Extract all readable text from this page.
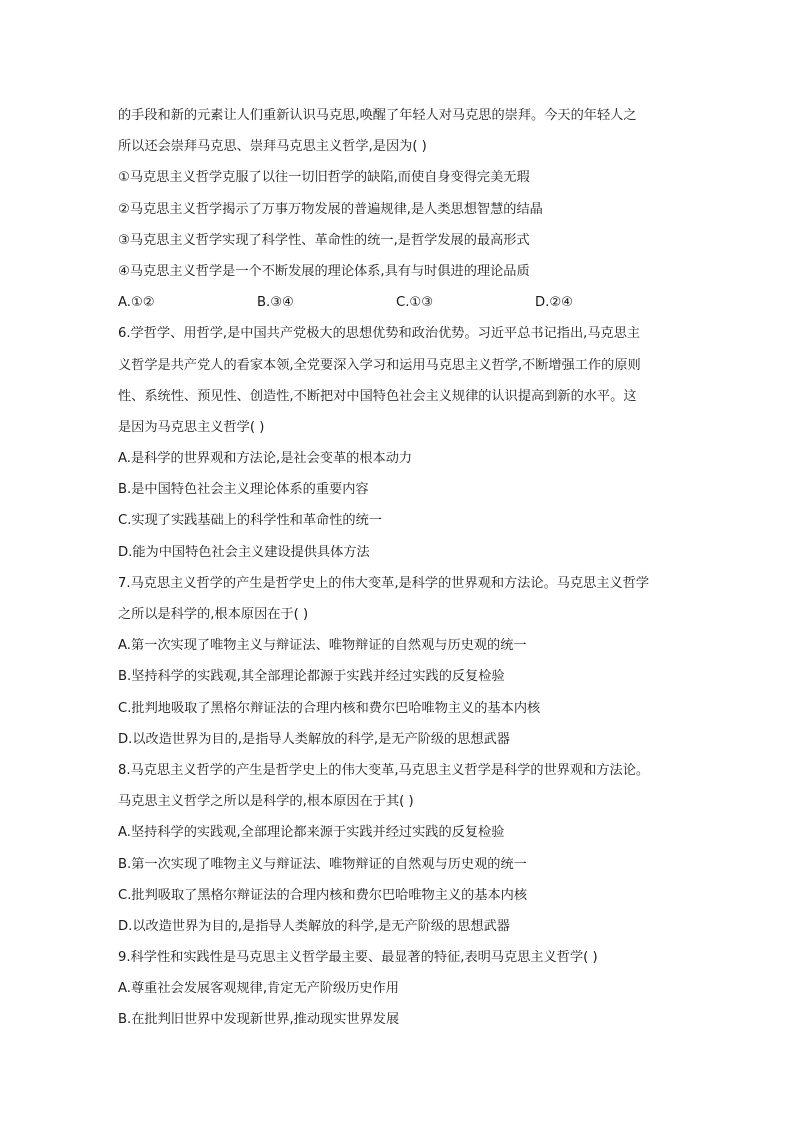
的手段和新的元素让人们重新认识马克思,唤醒了年轻人对马克思的崇拜。今天的年轻人之
所以还会崇拜马克思、崇拜马克思主义哲学,是因为( )
①马克思主义哲学克服了以往一切旧哲学的缺陷,而使自身变得完美无瑕
②马克思主义哲学揭示了万事万物发展的普遍规律,是人类思想智慧的结晶
③马克思主义哲学实现了科学性、革命性的统一,是哲学发展的最高形式
④马克思主义哲学是一个不断发展的理论体系,具有与时俱进的理论品质
A.①②	B.③④	C.①③	D.②④
6.学哲学、用哲学,是中国共产党极大的思想优势和政治优势。习近平总书记指出,马克思主
义哲学是共产党人的看家本领,全党要深入学习和运用马克思主义哲学,不断增强工作的原则
性、系统性、预见性、创造性,不断把对中国特色社会主义规律的认识提高到新的水平。这
是因为马克思主义哲学( )
A.是科学的世界观和方法论,是社会变革的根本动力
B.是中国特色社会主义理论体系的重要内容
C.实现了实践基础上的科学性和革命性的统一
D.能为中国特色社会主义建设提供具体方法
7.马克思主义哲学的产生是哲学史上的伟大变革,是科学的世界观和方法论。马克思主义哲学
之所以是科学的,根本原因在于( )
A.第一次实现了唯物主义与辩证法、唯物辩证的自然观与历史观的统一
B.坚持科学的实践观,其全部理论都源于实践并经过实践的反复检验
C.批判地吸取了黑格尔辩证法的合理内核和费尔巴哈唯物主义的基本内核
D.以改造世界为目的,是指导人类解放的科学,是无产阶级的思想武器
8.马克思主义哲学的产生是哲学史上的伟大变革,马克思主义哲学是科学的世界观和方法论。
马克思主义哲学之所以是科学的,根本原因在于其( )
A.坚持科学的实践观,全部理论都来源于实践并经过实践的反复检验
B.第一次实现了唯物主义与辩证法、唯物辩证的自然观与历史观的统一
C.批判吸取了黑格尔辩证法的合理内核和费尔巴哈唯物主义的基本内核
D.以改造世界为目的,是指导人类解放的科学,是无产阶级的思想武器
9.科学性和实践性是马克思主义哲学最主要、最显著的特征,表明马克思主义哲学( )
A.尊重社会发展客观规律,肯定无产阶级历史作用
B.在批判旧世界中发现新世界,推动现实世界发展
